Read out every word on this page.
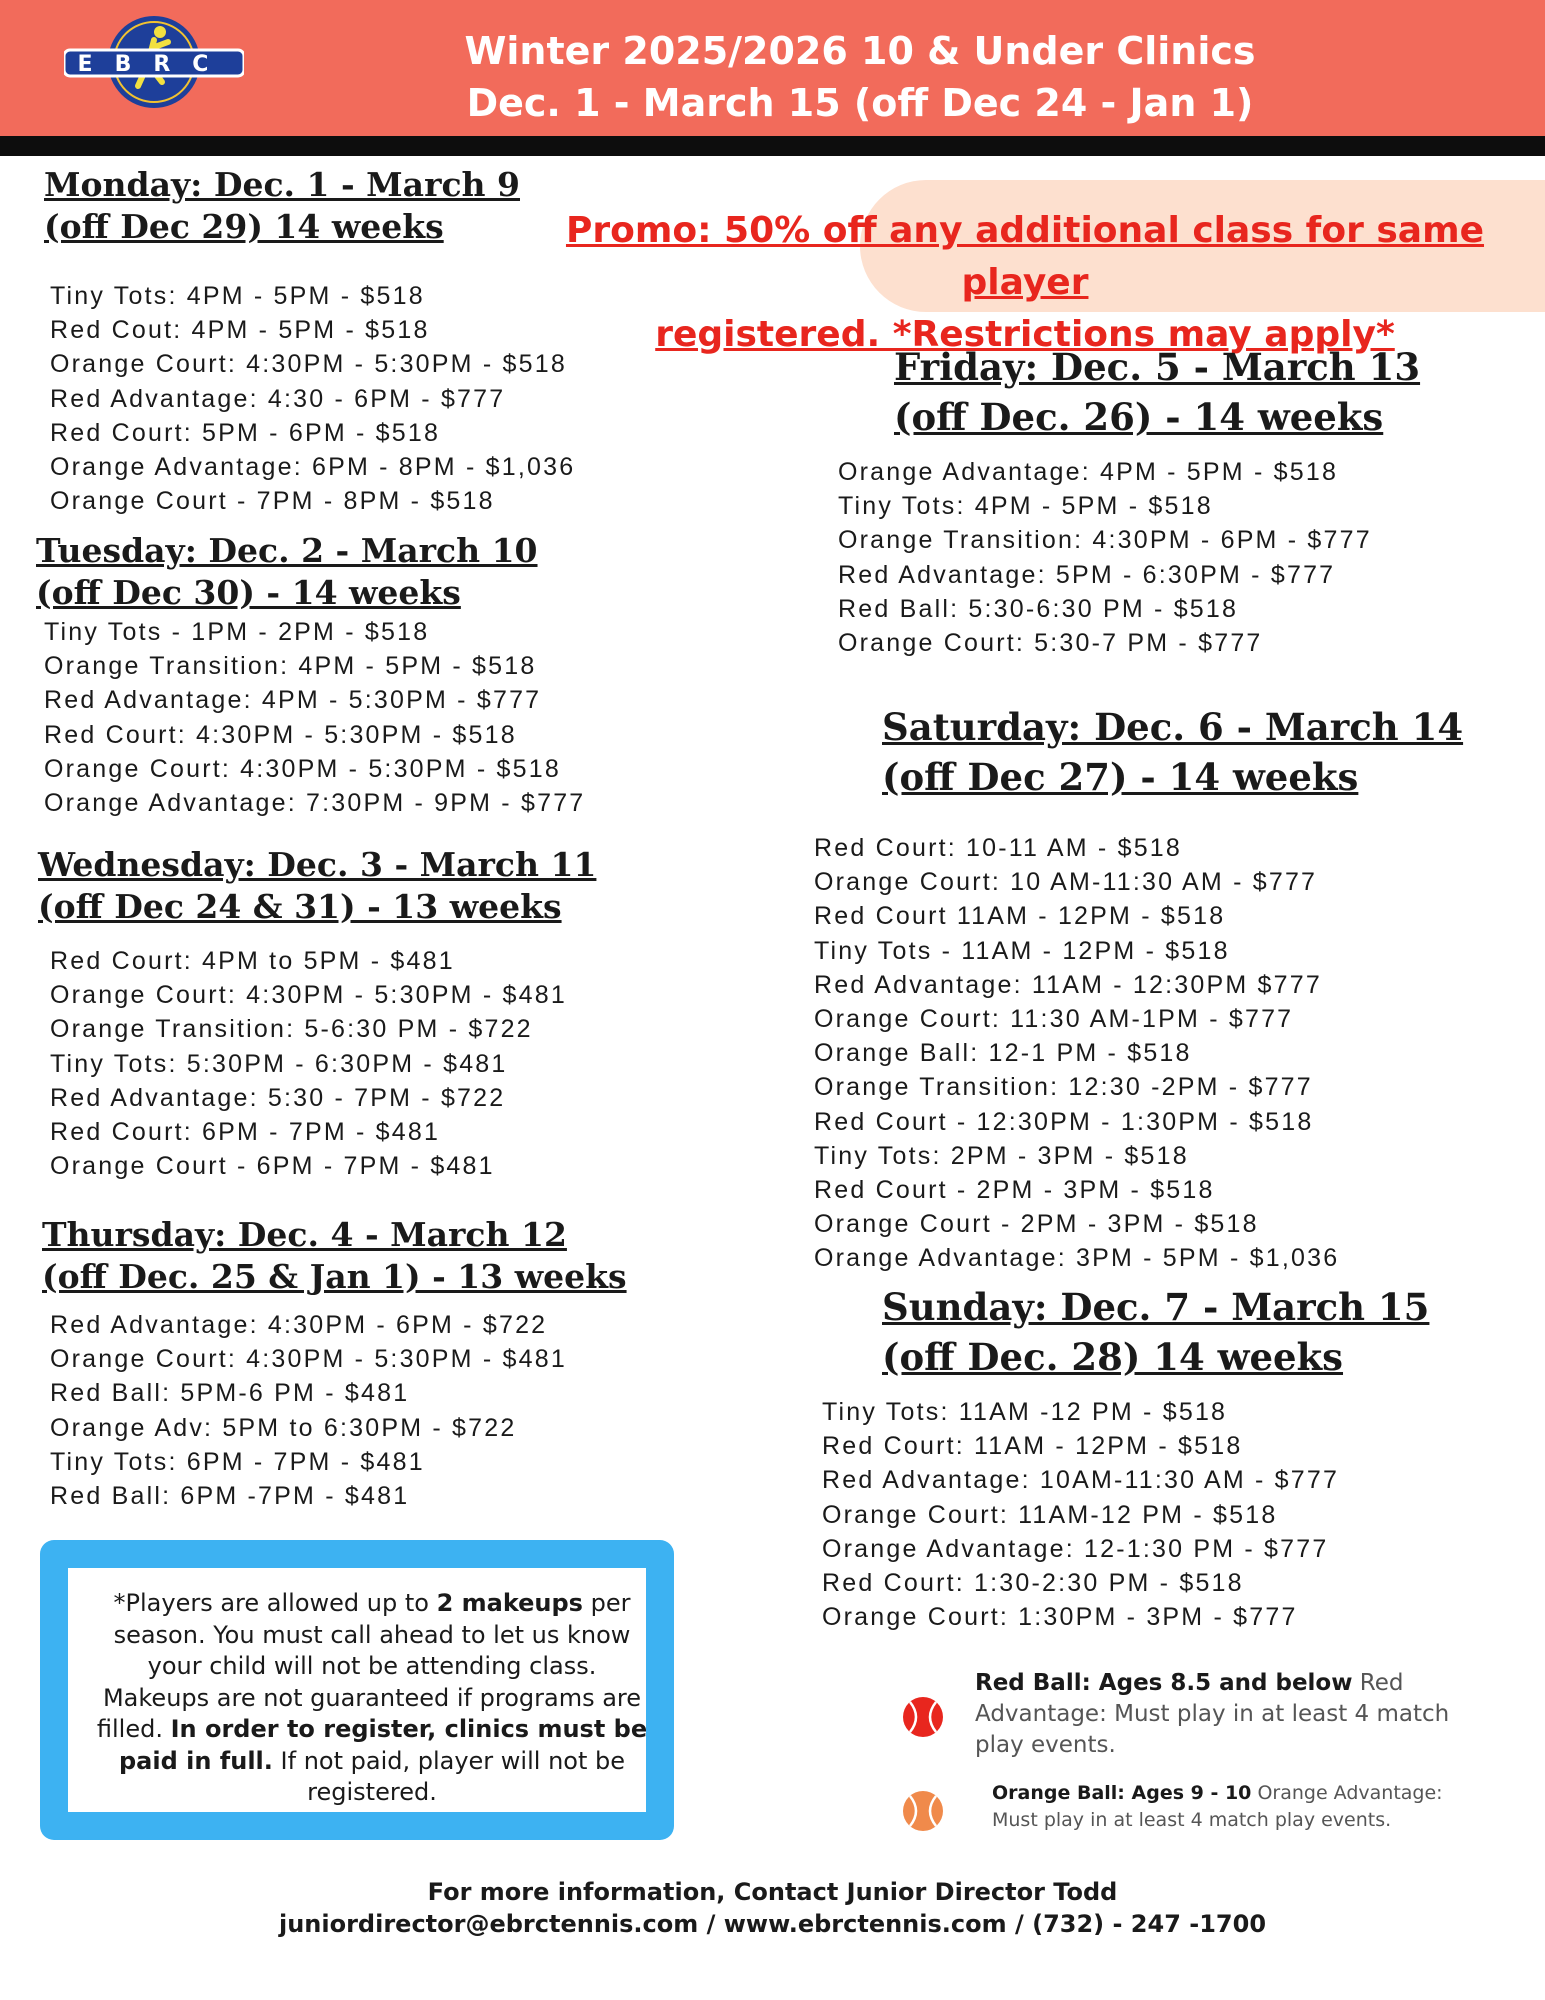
EBRC	Winter 2025/2026 10 & Under Clinics
Dec. 1 - March 15 (off Dec 24 - Jan 1)
Promo: 50% off any additional class for same player
registered. *Restrictions may apply*
Monday: Dec. 1 - March 9
(off Dec 29) 14 weeks
Tiny Tots: 4PM - 5PM - $518
Red Cout: 4PM - 5PM - $518
Orange Court: 4:30PM - 5:30PM - $518
Red Advantage: 4:30 - 6PM - $777
Red Court: 5PM - 6PM - $518
Orange Advantage: 6PM - 8PM - $1,036
Orange Court - 7PM - 8PM - $518
Tuesday: Dec. 2 - March 10
(off Dec 30) - 14 weeks
Tiny Tots - 1PM - 2PM - $518
Orange Transition: 4PM - 5PM - $518
Red Advantage: 4PM - 5:30PM - $777
Red Court: 4:30PM - 5:30PM - $518
Orange Court: 4:30PM - 5:30PM - $518
Orange Advantage: 7:30PM - 9PM - $777
Wednesday: Dec. 3 - March 11
(off Dec 24 & 31) - 13 weeks
Red Court: 4PM to 5PM - $481
Orange Court: 4:30PM - 5:30PM - $481
Orange Transition: 5-6:30 PM - $722
Tiny Tots: 5:30PM - 6:30PM - $481
Red Advantage: 5:30 - 7PM - $722
Red Court: 6PM - 7PM - $481
Orange Court - 6PM - 7PM - $481
Thursday: Dec. 4 - March 12
(off Dec. 25 & Jan 1) - 13 weeks
Red Advantage: 4:30PM - 6PM - $722
Orange Court: 4:30PM - 5:30PM - $481
Red Ball: 5PM-6 PM - $481
Orange Adv: 5PM to 6:30PM - $722
Tiny Tots: 6PM - 7PM - $481
Red Ball: 6PM -7PM - $481
Friday: Dec. 5 - March 13
(off Dec. 26) - 14 weeks
Orange Advantage: 4PM - 5PM - $518
Tiny Tots: 4PM - 5PM - $518
Orange Transition: 4:30PM - 6PM - $777
Red Advantage: 5PM - 6:30PM - $777
Red Ball: 5:30-6:30 PM - $518
Orange Court: 5:30-7 PM - $777
Saturday: Dec. 6 - March 14
(off Dec 27) - 14 weeks
Red Court: 10-11 AM - $518
Orange Court: 10 AM-11:30 AM - $777
Red Court 11AM - 12PM - $518
Tiny Tots - 11AM - 12PM - $518
Red Advantage: 11AM - 12:30PM $777
Orange Court: 11:30 AM-1PM - $777
Orange Ball: 12-1 PM - $518
Orange Transition: 12:30 -2PM - $777
Red Court - 12:30PM - 1:30PM - $518
Tiny Tots: 2PM - 3PM - $518
Red Court - 2PM - 3PM - $518
Orange Court - 2PM - 3PM - $518
Orange Advantage: 3PM - 5PM - $1,036
Sunday: Dec. 7 - March 15
(off Dec. 28) 14 weeks
Tiny Tots: 11AM -12 PM - $518
Red Court: 11AM - 12PM - $518
Red Advantage: 10AM-11:30 AM - $777
Orange Court: 11AM-12 PM - $518
Orange Advantage: 12-1:30 PM - $777
Red Court: 1:30-2:30 PM - $518
Orange Court: 1:30PM - 3PM - $777
*Players are allowed up to 2 makeups per season. You must call ahead to let us know your child will not be attending class. Makeups are not guaranteed if programs are filled. In order to register, clinics must be paid in full. If not paid, player will not be registered.
Red Ball: Ages 8.5 and below Red Advantage: Must play in at least 4 match play events.
Orange Ball: Ages 9 - 10 Orange Advantage: Must play in at least 4 match play events.
For more information, Contact Junior Director Todd
juniordirector@ebrctennis.com / www.ebrctennis.com / (732) - 247 -1700
